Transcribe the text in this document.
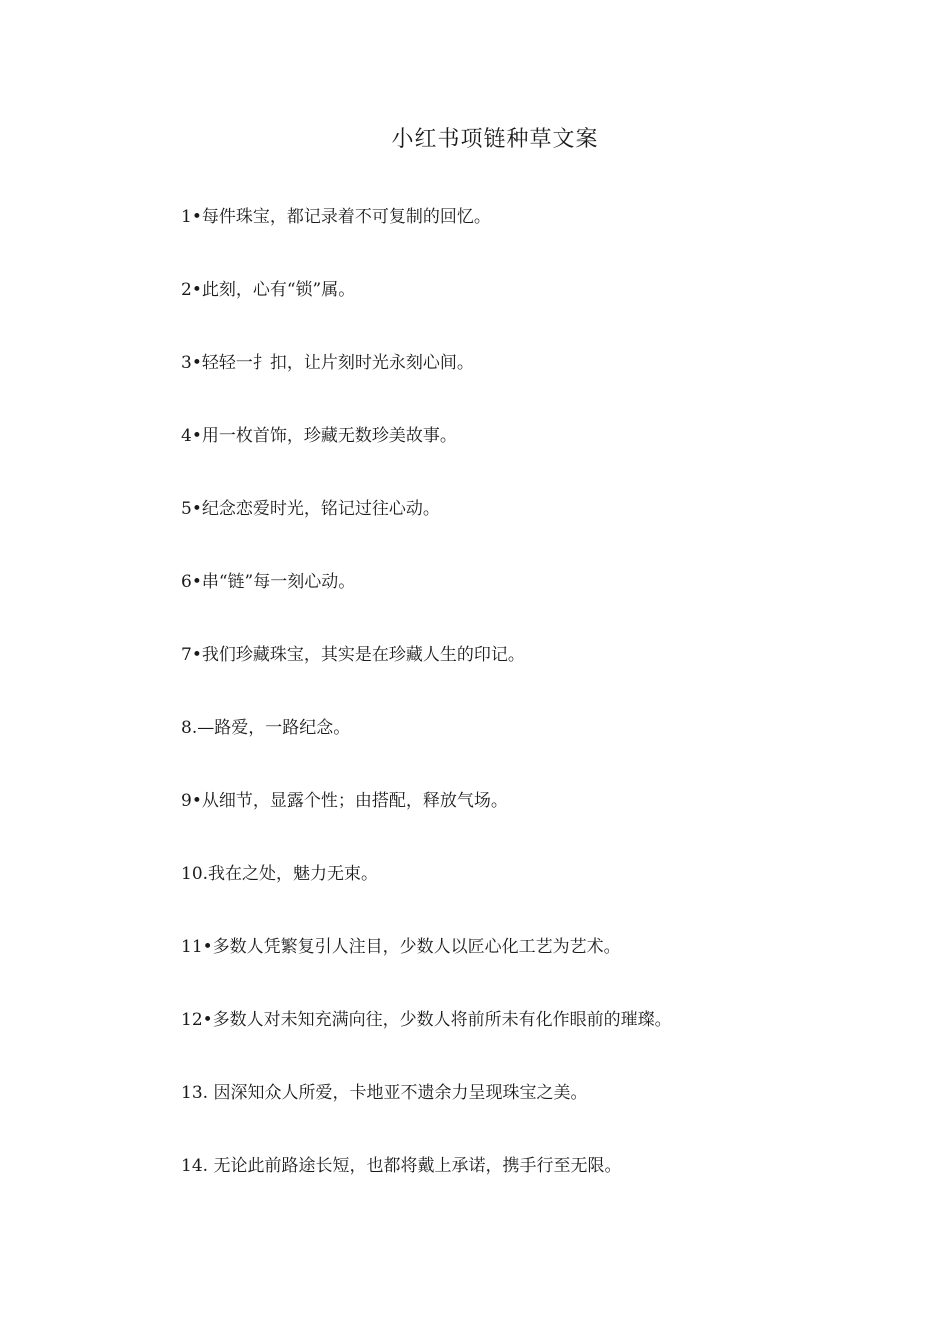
小红书项链种草文案
1•每件珠宝，都记录着不可复制的回忆。
2•此刻，心有“锁”属。
3•轻轻一扌扣，让片刻时光永刻心间。
4•用一枚首饰，珍藏无数珍美故事。
5•纪念恋爱时光，铭记过往心动。
6•串“链”每一刻心动。
7•我们珍藏珠宝，其实是在珍藏人生的印记。
8.—路爱，一路纪念。
9•从细节，显露个性；由搭配，释放气场。
10.我在之处，魅力无束。
11•多数人凭繁复引人注目，少数人以匠心化工艺为艺术。
12•多数人对未知充满向往，少数人将前所未有化作眼前的璀璨。
13. 因深知众人所爱，卡地亚不遗余力呈现珠宝之美。
14. 无论此前路途长短，也都将戴上承诺，携手行至无限。
